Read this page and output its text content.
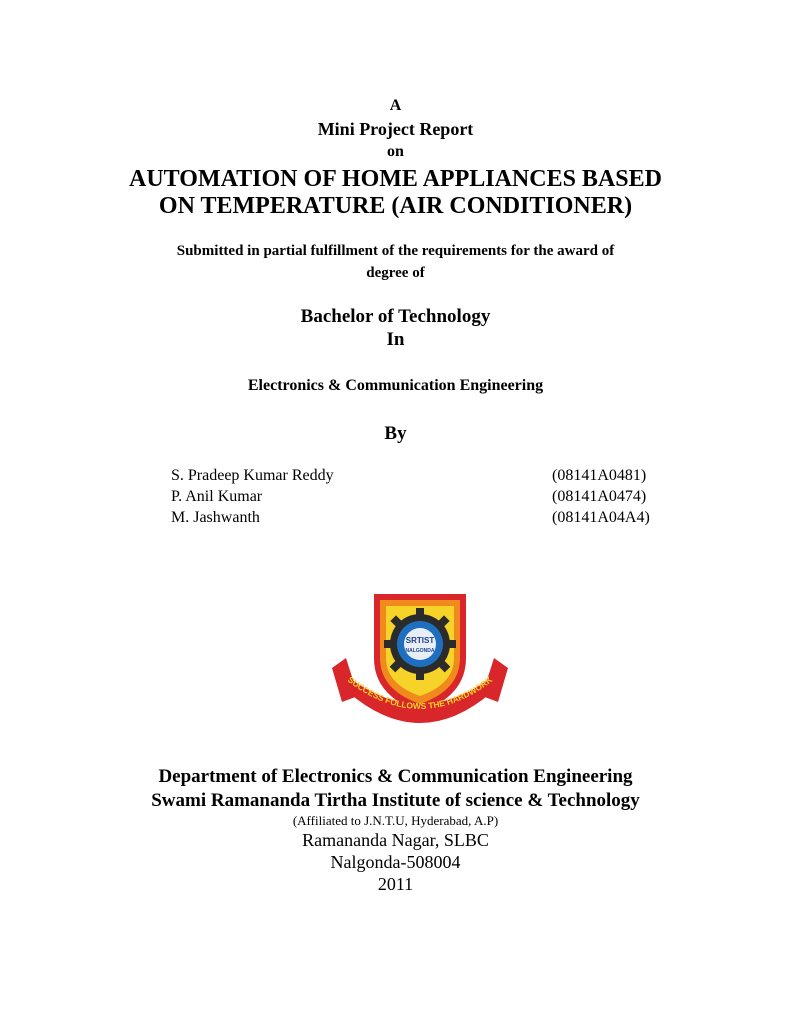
A
Mini Project Report
on
AUTOMATION OF HOME APPLIANCES BASED
ON TEMPERATURE (AIR CONDITIONER)
Submitted in partial fulfillment of the requirements for the award of
degree of
Bachelor of Technology
In
Electronics & Communication Engineering
By
S. Pradeep Kumar Reddy	(08141A0481)
P. Anil Kumar	(08141A0474)
M. Jashwanth	(08141A04A4)
SRTIST
NALGONDA
SUCCESS FOLLOWS THE HARDWORK
Department of Electronics & Communication Engineering
Swami Ramananda Tirtha Institute of science & Technology
(Affiliated to J.N.T.U, Hyderabad, A.P)
Ramananda Nagar, SLBC
Nalgonda-508004
2011
